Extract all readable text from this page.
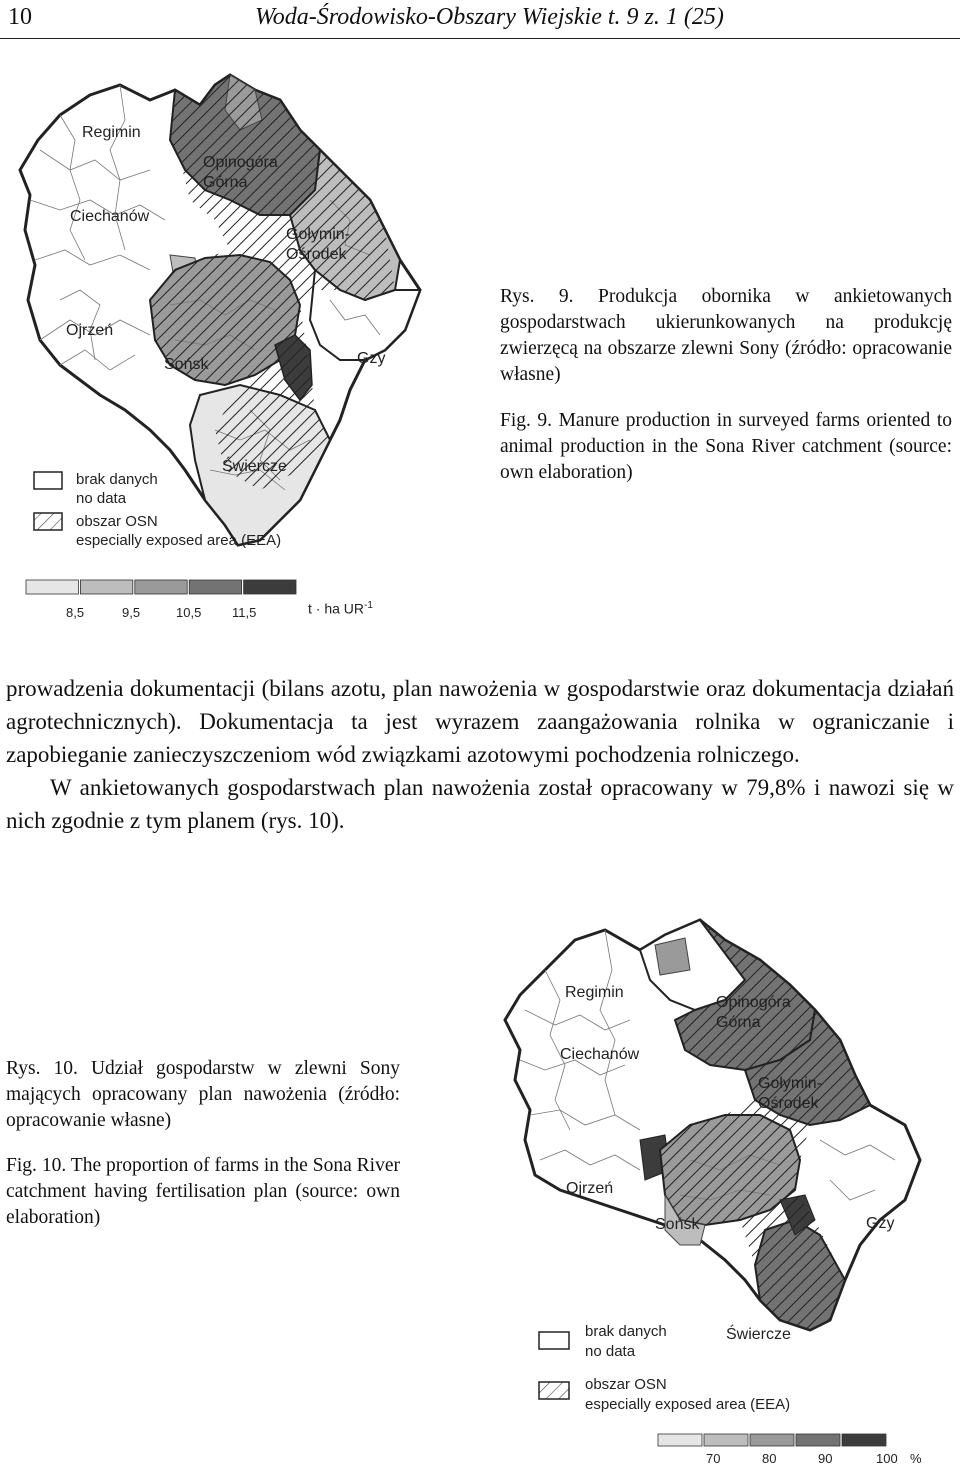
10	Woda-Środowisko-Obszary Wiejskie t. 9 z. 1 (25)
Regimin
Opinogóra
Górna
Ciechanów
Gołymin-
Ośrodek
Ojrzeń
Sońsk	Gzy
Świercze
brak danych
no data
obszar OSN
especially exposed area (EEA)
8,5	9,5	10,5 11,5	t · ha $UR^{-1}$
Rys. 9. Produkcja obornika w ankietowanych gospodarstwach ukierunkowanych na produkcję zwierzęcą na obszarze zlewni Sony (źródło: opracowanie własne)
Fig. 9. Manure production in surveyed farms oriented to animal production in the Sona River catchment (source: own elaboration)

prowadzenia dokumentacji (bilans azotu, plan nawożenia w gospodarstwie oraz dokumentacja działań agrotechnicznych). Dokumentacja ta jest wyrazem zaangażowania rolnika w ograniczanie i zapobieganie zanieczyszczeniom wód związkami azotowymi pochodzenia rolniczego.

W ankietowanych gospodarstwach plan nawożenia został opracowany w 79,8% i nawozi się w nich zgodnie z tym planem (rys. 10).

Rys. 10. Udział gospodarstw w zlewni Sony mających opracowany plan nawożenia (źródło: opracowanie własne)
Fig. 10. The proportion of farms in the Sona River catchment having fertilisation plan (source: own elaboration)
Regimin
Opinogóra
Górna
Ciechanów
Gołymin-
Ośrodek
Ojrzeń
Sońsk	Gzy
Świercze
brak danych
no data
obszar OSN
especially exposed area (EEA)
70	80	90	100 %
